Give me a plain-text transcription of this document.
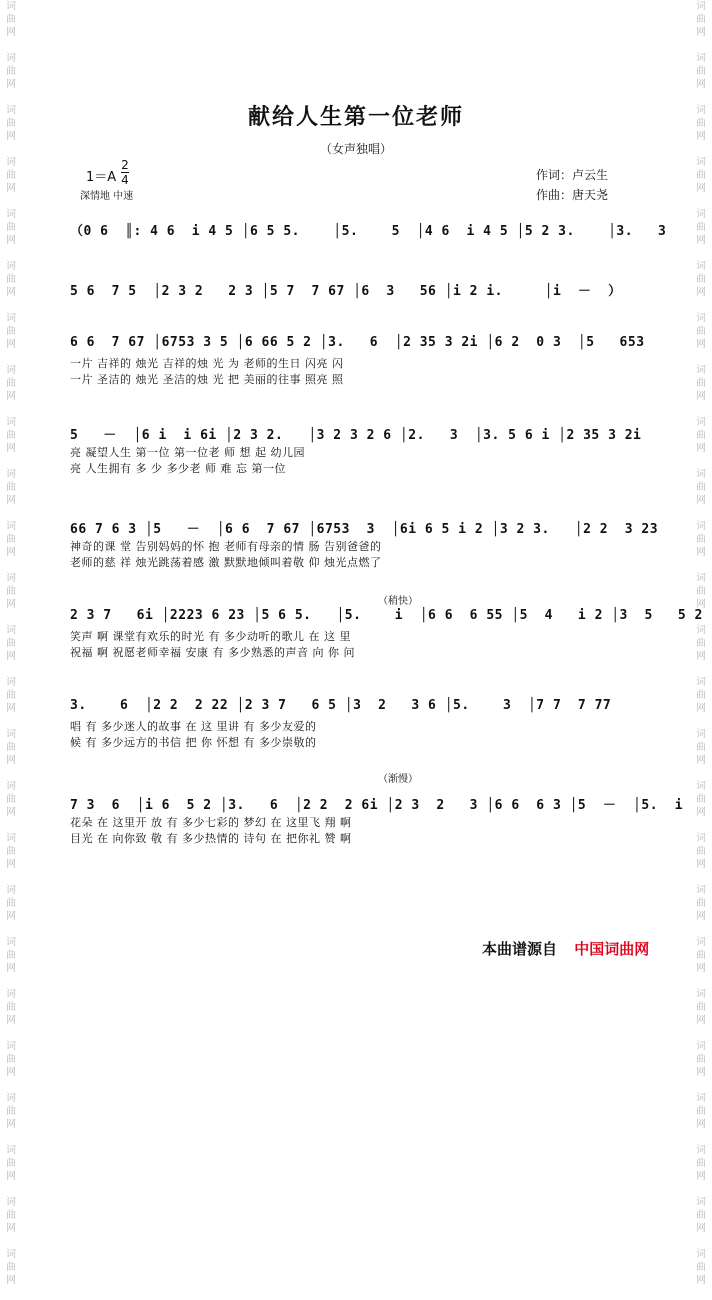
词
曲
网
词
曲
网
词
曲
网
词
曲
网
词
曲
网
词
曲
网
词
曲
网
词
曲
网
词
曲
网
词
曲
网
词
曲
网
词
曲
网
词
曲
网
词
曲
网
词
曲
网
词
曲
网
词
曲
网
词
曲
网
词
曲
网
词
曲
网
词
曲
网
词
曲
网
词
曲
网
词
曲
网
词
曲
网
词
曲
网
词
曲
网
词
曲
网
词
曲
网
词
曲
网
词
曲
网
词
曲
网
词
曲
网
词
曲
网
词
曲
网
词
曲
网
词
曲
网
词
曲
网
词
曲
网
词
曲
网
词
曲
网
词
曲
网
词
曲
网
词
曲
网
词
曲
网
词
曲
网
词
曲
网
词
曲
网
词
曲
网
词
曲
网
献给人生第一位老师
（女声独唱）
1＝A
2
4
深情地 中速
作词：卢云生
作曲：唐天尧
（稍快）
（渐慢）
（0 6  ║: 4 6  i 4 5 │6 5 5.    │5.    5  │4 6  i 4 5 │5 2 3.    │3.   3
5 6  7 5  │2 3 2   2 3 │5 7  7 67 │6  3   56 │i 2 i.     │i  －  ）
6 6  7 67 │6753 3 5 │6 66 5 2 │3.   6  │2 35 3 2i │6 2  0 3  │5   653
一片 吉祥的 烛光 吉祥的烛 光 为 老师的生日 闪亮 闪
一片 圣洁的 烛光 圣洁的烛 光 把 美丽的往事 照亮 照
5   －  │6 i  i 6i │2 3 2.   │3 2 3 2 6 │2.   3  │3. 5 6 i │2 35 3 2i
亮 凝望人生 第一位 第一位老 师 想 起 幼儿园
亮 人生拥有 多 少 多少老 师 难 忘 第一位
66 7 6 3 │5   －  │6 6  7 67 │6753  3  │6i 6 5 i 2 │3 2 3.   │2 2  3 23
神奇的课 堂 告别妈妈的怀 抱 老师有母亲的情 肠 告别爸爸的
老师的慈 祥 烛光跳荡着感 激 默默地倾叫着敬 仰 烛光点燃了
2 3 7   6i │2223 6 23 │5 6 5.   │5.    i  │6 6  6 55 │5  4   i 2 │3  5   5 2
笑声 啊 课堂有欢乐的时光 有 多少动听的歌儿 在 这 里
祝福 啊 祝愿老师幸福 安康 有 多少熟悉的声音 向 你 问
3.    6  │2 2  2 22 │2 3 7   6 5 │3  2   3 6 │5.    3  │7 7  7 77
唱 有 多少迷人的故事 在 这 里讲 有 多少友爱的
候 有 多少远方的书信 把 你 怀想 有 多少崇敬的
7 3  6  │i 6  5 2 │3.   6  │2 2  2 6i │2 3  2   3 │6 6  6 3 │5  －  │5.  i
花朵 在 这里开 放 有 多少七彩的 梦幻 在 这里飞 翔 啊
目光 在 向你致 敬 有 多少热情的 诗句 在 把你礼 赞 啊
本曲谱源自 中国词曲网
